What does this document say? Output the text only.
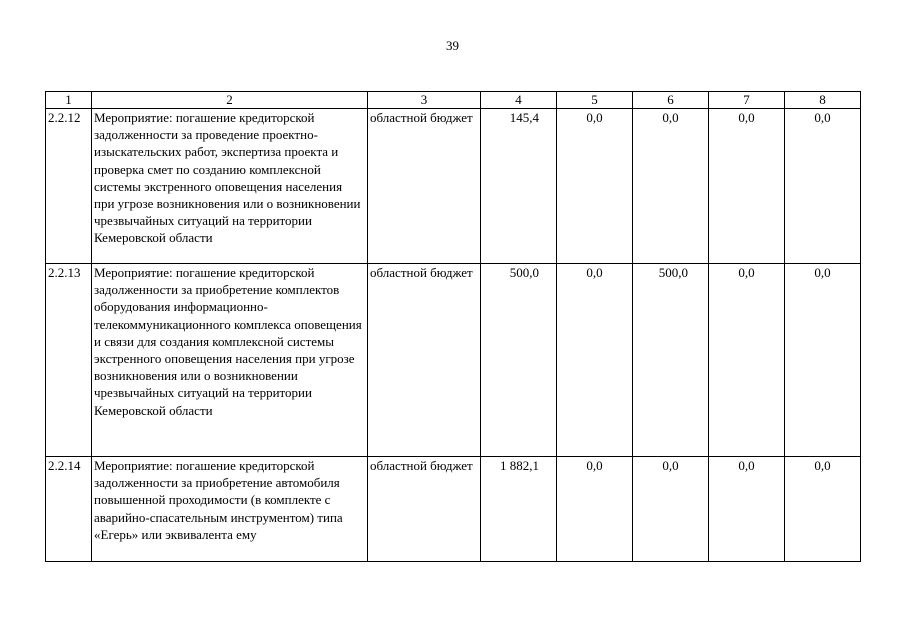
39
1	2	3	4	5	6	7	8
2.2.12	Мероприятие: погашение кредиторской задолженности за проведение проектно-изыскательских работ, экспертиза проекта и проверка смет по созданию комплексной системы экстренного оповещения населения при угрозе возникновения или о возникновении чрезвычайных ситуаций на территории Кемеровской области	областной бюджет	145,4	0,0	0,0	0,0	0,0
2.2.13	Мероприятие: погашение кредиторской задолженности за приобретение комплектов оборудования информационно-телекоммуникационного комплекса оповещения и связи для создания комплексной системы экстренного оповещения населения при угрозе возникновения или о возникновении чрезвычайных ситуаций на территории Кемеровской области	областной бюджет	500,0	0,0	500,0	0,0	0,0
2.2.14	Мероприятие: погашение кредиторской задолженности за приобретение автомобиля повышенной проходимости (в комплекте с аварийно-спасательным инструментом) типа «Егерь» или эквивалента ему	областной бюджет	1 882,1	0,0	0,0	0,0	0,0
